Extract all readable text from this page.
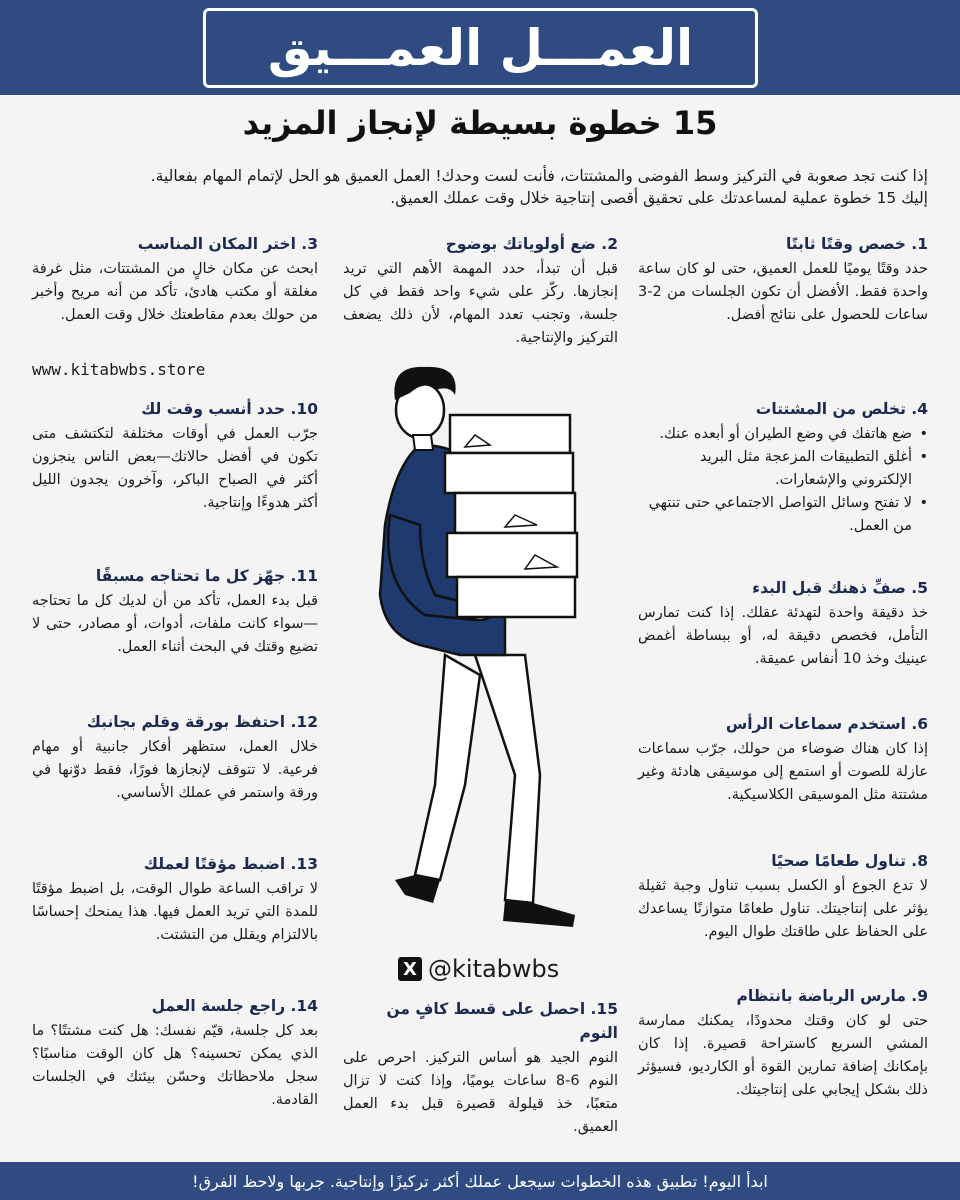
العمـــل العمـــيق
15 خطوة بسيطة لإنجاز المزيد
إذا كنت تجد صعوبة في التركيز وسط الفوضى والمشتتات، فأنت لست وحدك! العمل العميق هو الحل لإتمام المهام بفعالية.
إليك 15 خطوة عملية لمساعدتك على تحقيق أقصى إنتاجية خلال وقت عملك العميق.
1. خصص وقتًا ثابتًا

حدد وقتًا يوميًا للعمل العميق، حتى لو كان ساعة واحدة فقط. الأفضل أن تكون الجلسات من 2-3 ساعات للحصول على نتائج أفضل.

4. تخلص من المشتتات
• ضع هاتفك في وضع الطيران أو أبعده عنك.
• أغلق التطبيقات المزعجة مثل البريد الإلكتروني والإشعارات.
• لا تفتح وسائل التواصل الاجتماعي حتى تنتهي من العمل.
5. صفِّ ذهنك قبل البدء

خذ دقيقة واحدة لتهدئة عقلك. إذا كنت تمارس التأمل، فخصص دقيقة له، أو ببساطة أغمض عينيك وخذ 10 أنفاس عميقة.

6. استخدم سماعات الرأس

إذا كان هناك ضوضاء من حولك، جرّب سماعات عازلة للصوت أو استمع إلى موسيقى هادئة وغير مشتتة مثل الموسيقى الكلاسيكية.

8. تناول طعامًا صحيًا

لا تدع الجوع أو الكسل بسبب تناول وجبة ثقيلة يؤثر على إنتاجيتك. تناول طعامًا متوازنًا يساعدك على الحفاظ على طاقتك طوال اليوم.

9. مارس الرياضة بانتظام

حتى لو كان وقتك محدودًا، يمكنك ممارسة المشي السريع كاستراحة قصيرة. إذا كان بإمكانك إضافة تمارين القوة أو الكارديو، فسيؤثر ذلك بشكل إيجابي على إنتاجيتك.

2. ضع أولوياتك بوضوح

قبل أن تبدأ، حدد المهمة الأهم التي تريد إنجازها. ركّز على شيء واحد فقط في كل جلسة، وتجنب تعدد المهام، لأن ذلك يضعف التركيز والإنتاجية.

15. احصل على قسط كافٍ من النوم

النوم الجيد هو أساس التركيز. احرص على النوم 6-8 ساعات يوميًا، وإذا كنت لا تزال متعبًا، خذ قيلولة قصيرة قبل بدء العمل العميق.

3. اختر المكان المناسب

ابحث عن مكان خالٍ من المشتتات، مثل غرفة مغلقة أو مكتب هادئ، تأكد من أنه مريح وأخبر من حولك بعدم مقاطعتك خلال وقت العمل.

10. حدد أنسب وقت لك

جرّب العمل في أوقات مختلفة لتكتشف متى تكون في أفضل حالاتك—بعض الناس ينجزون أكثر في الصباح الباكر، وآخرون يجدون الليل أكثر هدوءًا وإنتاجية.

11. جهّز كل ما تحتاجه مسبقًا

قبل بدء العمل، تأكد من أن لديك كل ما تحتاجه—سواء كانت ملفات، أدوات، أو مصادر، حتى لا تضيع وقتك في البحث أثناء العمل.

12. احتفظ بورقة وقلم بجانبك

خلال العمل، ستظهر أفكار جانبية أو مهام فرعية. لا تتوقف لإنجازها فورًا، فقط دوّنها في ورقة واستمر في عملك الأساسي.

13. اضبط مؤقتًا لعملك

لا تراقب الساعة طوال الوقت، بل اضبط مؤقتًا للمدة التي تريد العمل فيها. هذا يمنحك إحساسًا بالالتزام ويقلل من التشتت.

14. راجع جلسة العمل

بعد كل جلسة، قيّم نفسك: هل كنت مشتتًا؟ ما الذي يمكن تحسينه؟ هل كان الوقت مناسبًا؟ سجل ملاحظاتك وحسّن بيئتك في الجلسات القادمة.

www.kitabwbs.store
X @kitabwbs
ابدأ اليوم! تطبيق هذه الخطوات سيجعل عملك أكثر تركيزًا وإنتاجية. جربها ولاحظ الفرق!
